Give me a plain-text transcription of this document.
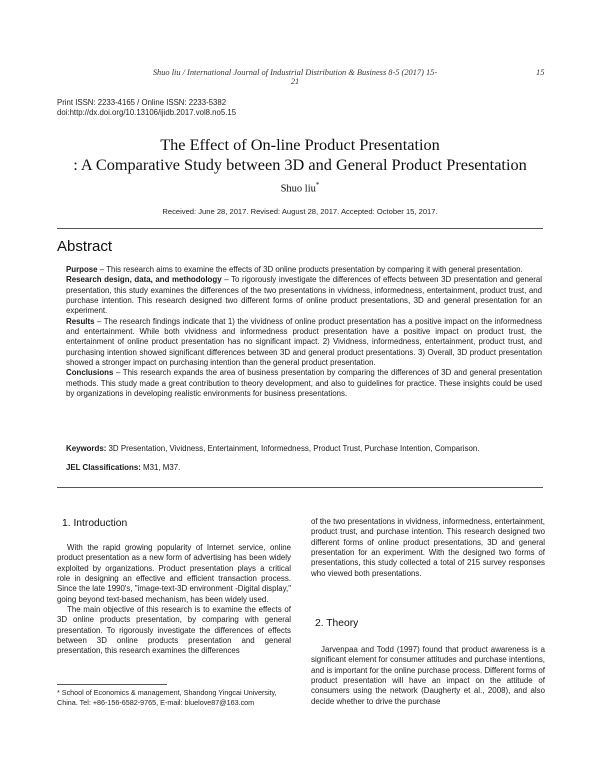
Shuo liu / International Journal of Industrial Distribution & Business 8-5 (2017) 15-21
15
Print ISSN: 2233-4165 / Online ISSN: 2233-5382
doi:http://dx.doi.org/10.13106/ijidb.2017.vol8.no5.15
The Effect of On-line Product Presentation
: A Comparative Study between 3D and General Product Presentation
Shuo liu*
Received: June 28, 2017. Revised: August 28, 2017. Accepted: October 15, 2017.
Abstract

Purpose – This research aims to examine the effects of 3D online products presentation by comparing it with general presentation.

Research design, data, and methodology – To rigorously investigate the differences of effects between 3D presentation and general presentation, this study examines the differences of the two presentations in vividness, informedness, entertainment, product trust, and purchase intention. This research designed two different forms of online product presentations, 3D and general presentation for an experiment.

Results – The research findings indicate that 1) the vividness of online product presentation has a positive impact on the informedness and entertainment. While both vividness and informedness product presentation have a positive impact on product trust, the entertainment of online product presentation has no significant impact. 2) Vividness, informedness, entertainment, product trust, and purchasing intention showed significant differences between 3D and general product presentations. 3) Overall, 3D product presentation showed a stronger impact on purchasing intention than the general product presentation.

Conclusions – This research expands the area of business presentation by comparing the differences of 3D and general presentation methods. This study made a great contribution to theory development, and also to guidelines for practice. These insights could be used by organizations in developing realistic environments for business presentations.

Keywords: 3D Presentation, Vividness, Entertainment, Informedness, Product Trust, Purchase Intention, Comparison.
JEL Classifications: M31, M37.
1. Introduction

With the rapid growing popularity of Internet service, online product presentation as a new form of advertising has been widely exploited by organizations. Product presentation plays a critical role in designing an effective and efficient transaction process. Since the late 1990's, "image-text-3D environment -Digital display," going beyond text-based mechanism, has been widely used.

The main objective of this research is to examine the effects of 3D online products presentation, by comparing with general presentation. To rigorously investigate the differences of effects between 3D online products presentation and general presentation, this research examines the differences

of the two presentations in vividness, informedness, entertainment, product trust, and purchase intention. This research designed two different forms of online product presentations, 3D and general presentation for an experiment. With the designed two forms of presentations, this study collected a total of 215 survey responses who viewed both presentations.

2. Theory

Jarvenpaa and Todd (1997) found that product awareness is a significant element for consumer attitudes and purchase intentions, and is important for the online purchase process. Different forms of product presentation will have an impact on the attitude of consumers using the network (Daugherty et al., 2008), and also decide whether to drive the purchase

* School of Economics & management, Shandong Yingcai University,
China. Tel: +86-156-6582-9765, E-mail: bluelove87@163.com
